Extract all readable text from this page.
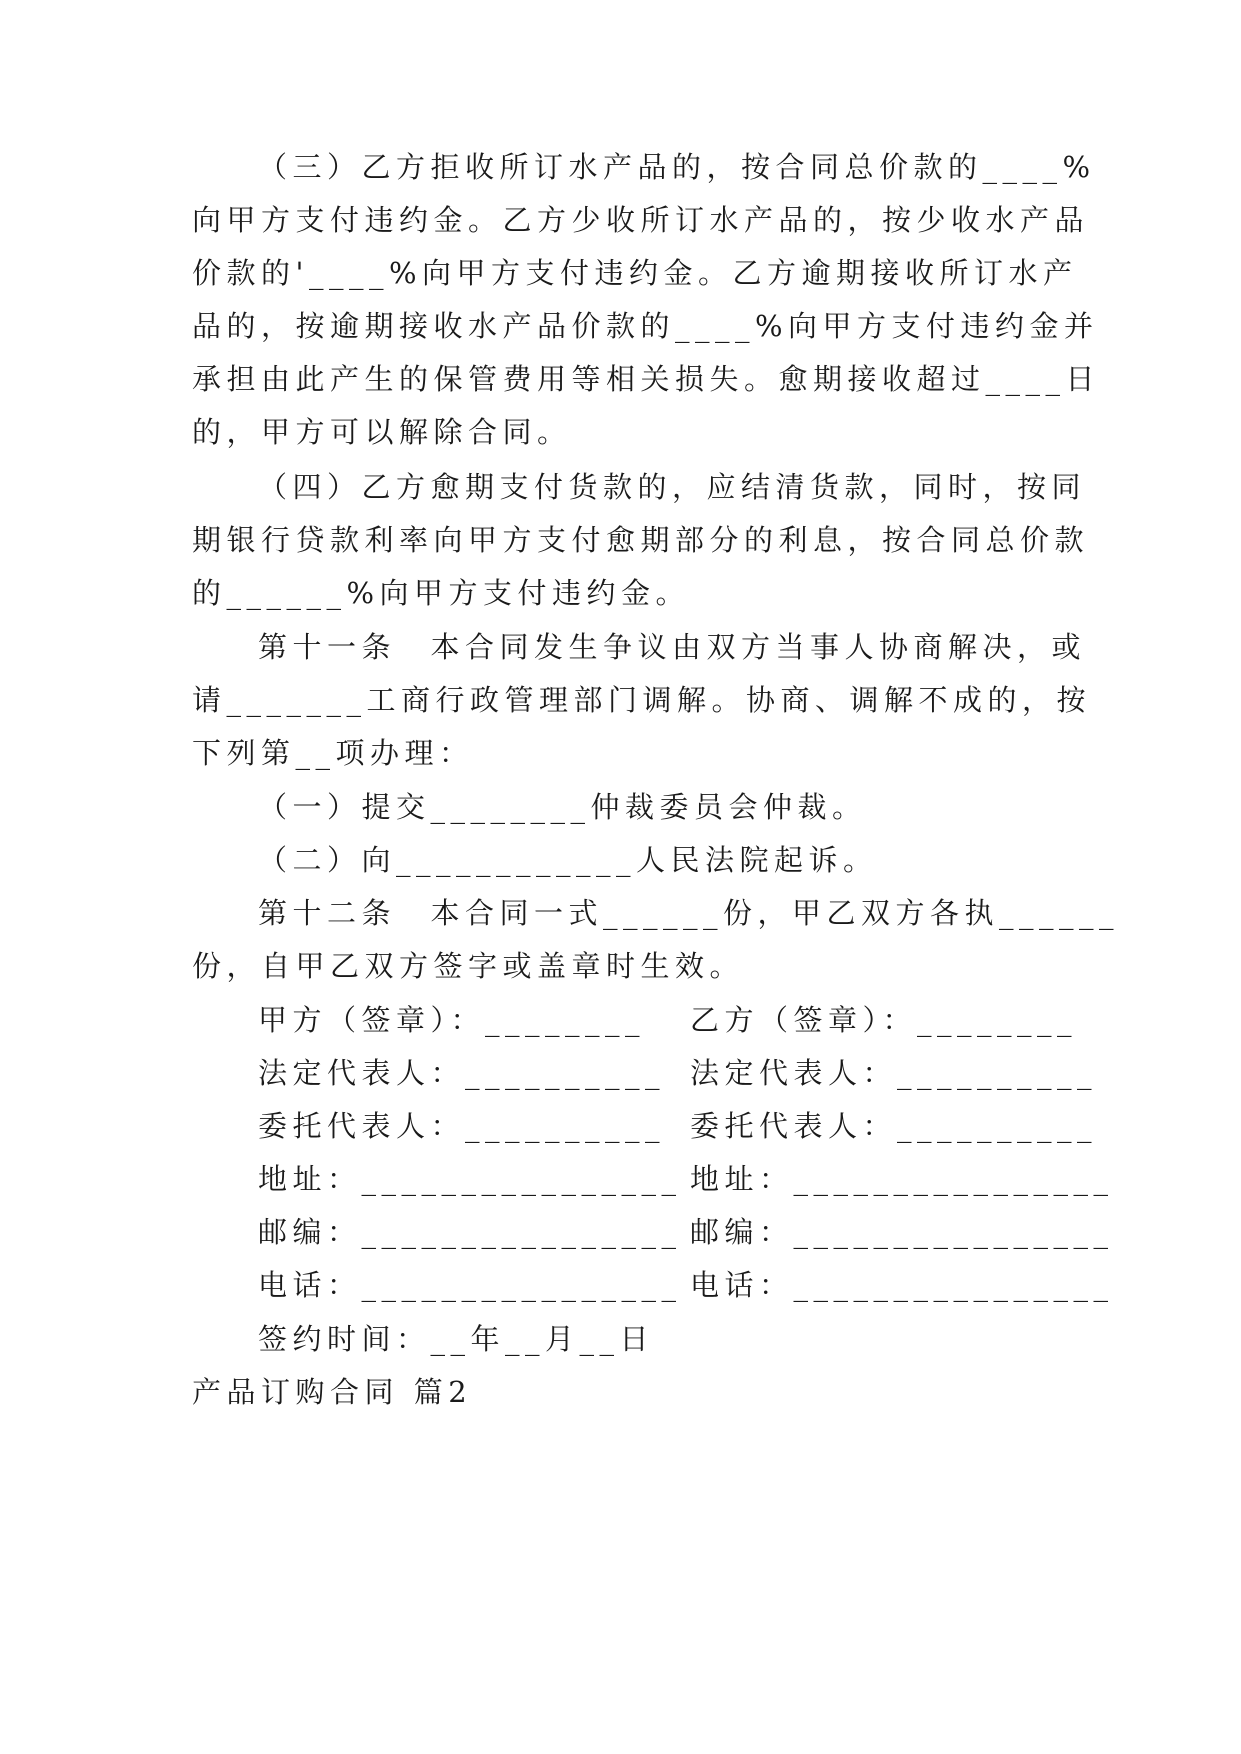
（三）乙方拒收所订水产品的，按合同总价款的____%

向甲方支付违约金。乙方少收所订水产品的，按少收水产品

价款的'____%向甲方支付违约金。乙方逾期接收所订水产

品的，按逾期接收水产品价款的____%向甲方支付违约金并

承担由此产生的保管费用等相关损失。愈期接收超过____日

的，甲方可以解除合同。

（四）乙方愈期支付货款的，应结清货款，同时，按同

期银行贷款利率向甲方支付愈期部分的利息，按合同总价款

的______%向甲方支付违约金。

第十一条　本合同发生争议由双方当事人协商解决，或

请_______工商行政管理部门调解。协商、调解不成的，按

下列第__项办理：

（一）提交________仲裁委员会仲裁。

（二）向____________人民法院起诉。

第十二条　本合同一式______份，甲乙双方各执______

份，自甲乙双方签字或盖章时生效。

甲方（签章）：________ 乙方（签章）：________

法定代表人：__________ 法定代表人：__________

委托代表人：__________ 委托代表人：__________

地址：________________ 地址：________________

邮编：________________ 邮编：________________

电话：________________ 电话：________________

签约时间：__年__月__日

产品订购合同 篇2
